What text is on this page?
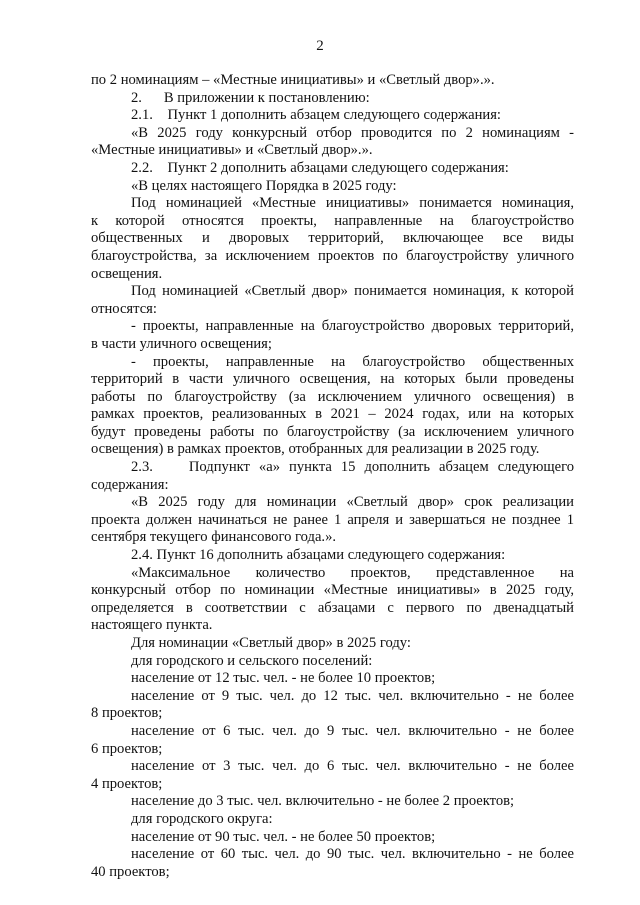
2

по 2 номинациям – «Местные инициативы» и «Светлый двор».».

2.      В приложении к постановлению:

2.1.    Пункт 1 дополнить абзацем следующего содержания:

«В 2025 году конкурсный отбор проводится по 2 номинациям -

«Местные инициативы» и «Светлый двор».».

2.2.    Пункт 2 дополнить абзацами следующего содержания:

«В целях настоящего Порядка в 2025 году:

Под номинацией «Местные инициативы» понимается номинация,

к которой относятся проекты, направленные на благоустройство

общественных и дворовых территорий, включающее все виды

благоустройства, за исключением проектов по благоустройству уличного

освещения.

Под номинацией «Светлый двор» понимается номинация, к которой

относятся:

- проекты, направленные на благоустройство дворовых территорий,

в части уличного освещения;

- проекты, направленные на благоустройство общественных

территорий в части уличного освещения, на которых были проведены

работы по благоустройству (за исключением уличного освещения) в

рамках проектов, реализованных в 2021 – 2024 годах, или на которых

будут проведены работы по благоустройству (за исключением уличного

освещения) в рамках проектов, отобранных для реализации в 2025 году.

2.3.    Подпункт «а» пункта 15 дополнить абзацем следующего

содержания:

«В 2025 году для номинации «Светлый двор» срок реализации

проекта должен начинаться не ранее 1 апреля и завершаться не позднее 1

сентября текущего финансового года.».

2.4. Пункт 16 дополнить абзацами следующего содержания:

«Максимальное количество проектов, представленное на

конкурсный отбор по номинации «Местные инициативы» в 2025 году,

определяется в соответствии с абзацами с первого по двенадцатый

настоящего пункта.

Для номинации «Светлый двор» в 2025 году:

для городского и сельского поселений:

население от 12 тыс. чел. - не более 10 проектов;

население от 9 тыс. чел. до 12 тыс. чел. включительно - не более

8 проектов;

население от 6 тыс. чел. до 9 тыс. чел. включительно - не более

6 проектов;

население от 3 тыс. чел. до 6 тыс. чел. включительно - не более

4 проектов;

население до 3 тыс. чел. включительно - не более 2 проектов;

для городского округа:

население от 90 тыс. чел. - не более 50 проектов;

население от 60 тыс. чел. до 90 тыс. чел. включительно - не более

40 проектов;
